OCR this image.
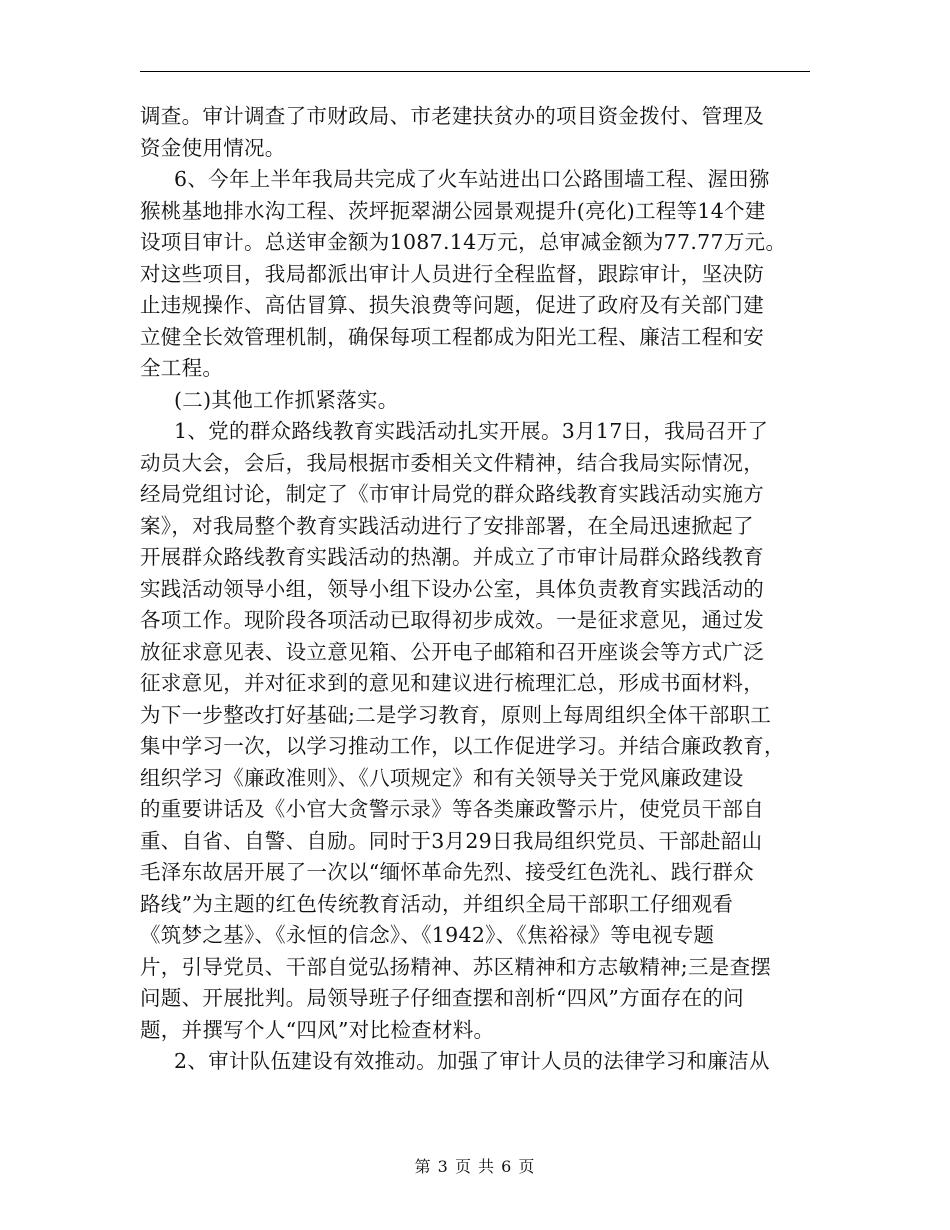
调查。审计调查了市财政局、市老建扶贫办的项目资金拨付、管理及
资金使用情况。
6、今年上半年我局共完成了火车站进出口公路围墙工程、渥田猕
猴桃基地排水沟工程、茨坪扼翠湖公园景观提升(亮化)工程等14个建
设项目审计。总送审金额为1087.14万元，总审减金额为77.77万元。
对这些项目，我局都派出审计人员进行全程监督，跟踪审计，坚决防
止违规操作、高估冒算、损失浪费等问题，促进了政府及有关部门建
立健全长效管理机制，确保每项工程都成为阳光工程、廉洁工程和安
全工程。
(二)其他工作抓紧落实。
1、党的群众路线教育实践活动扎实开展。3月17日，我局召开了
动员大会，会后，我局根据市委相关文件精神，结合我局实际情况，
经局党组讨论，制定了《市审计局党的群众路线教育实践活动实施方
案》，对我局整个教育实践活动进行了安排部署，在全局迅速掀起了
开展群众路线教育实践活动的热潮。并成立了市审计局群众路线教育
实践活动领导小组，领导小组下设办公室，具体负责教育实践活动的
各项工作。现阶段各项活动已取得初步成效。一是征求意见，通过发
放征求意见表、设立意见箱、公开电子邮箱和召开座谈会等方式广泛
征求意见，并对征求到的意见和建议进行梳理汇总，形成书面材料，
为下一步整改打好基础;二是学习教育，原则上每周组织全体干部职工
集中学习一次，以学习推动工作，以工作促进学习。并结合廉政教育，
组织学习《廉政准则》、《八项规定》和有关领导关于党风廉政建设
的重要讲话及《小官大贪警示录》等各类廉政警示片，使党员干部自
重、自省、自警、自励。同时于3月29日我局组织党员、干部赴韶山
毛泽东故居开展了一次以“缅怀革命先烈、接受红色洗礼、践行群众
路线”为主题的红色传统教育活动，并组织全局干部职工仔细观看
《筑梦之基》、《永恒的信念》、《1942》、《焦裕禄》等电视专题
片，引导党员、干部自觉弘扬精神、苏区精神和方志敏精神;三是查摆
问题、开展批判。局领导班子仔细查摆和剖析“四风”方面存在的问
题，并撰写个人“四风”对比检查材料。
2、审计队伍建设有效推动。加强了审计人员的法律学习和廉洁从
第 3 页 共 6 页
